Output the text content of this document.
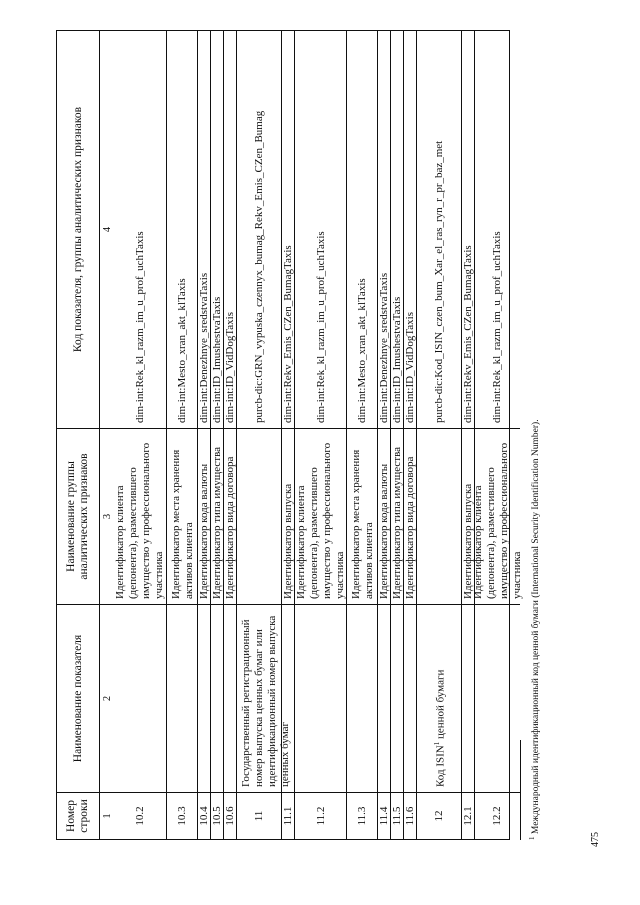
475
Номер строки
Наименование показателя
Наименование группы аналитических признаков
Код показателя, группы аналитических признаков
1
2
3
4
10.2
Идентификатор клиента (депонента), разместившего имущество у профессионального участника
dim-int:Rek_kl_razm_im_u_prof_uchTaxis
10.3
Идентификатор места хранения активов клиента
dim-int:Mesto_xran_akt_klTaxis
10.4
Идентификатор кода валюты
dim-int:Denezhnye_sredstvaTaxis
10.5
Идентификатор типа имущества
dim-int:ID_ImushestvaTaxis
10.6
Идентификатор вида договора
dim-int:ID_VidDogTaxis
11
Государственный регистрационный номер выпуска ценных бумаг или идентификационный номер выпуска ценных бумаг
purcb-dic:GRN_vypuska_czennyx_bumag_Rekv_Emis_CZen_Bumag
11.1
Идентификатор выпуска
dim-int:Rekv_Emis_CZen_BumagTaxis
11.2
Идентификатор клиента (депонента), разместившего имущество у профессионального участника
dim-int:Rek_kl_razm_im_u_prof_uchTaxis
11.3
Идентификатор места хранения активов клиента
dim-int:Mesto_xran_akt_klTaxis
11.4
Идентификатор кода валюты
dim-int:Denezhnye_sredstvaTaxis
11.5
Идентификатор типа имущества
dim-int:ID_ImushestvaTaxis
11.6
Идентификатор вида договора
dim-int:ID_VidDogTaxis
12
Код ISIN$^1$ ценной бумаги
purcb-dic:Kod_ISIN_czen_bum_Xar_el_ras_ryn_r_pr_baz_met
12.1
Идентификатор выпуска
dim-int:Rekv_Emis_CZen_BumagTaxis
12.2
Идентификатор клиента (депонента), разместившего имущество у профессионального участника
dim-int:Rek_kl_razm_im_u_prof_uchTaxis
$^1$ Международный идентификационный код ценной бумаги (International Security Identification Number).
